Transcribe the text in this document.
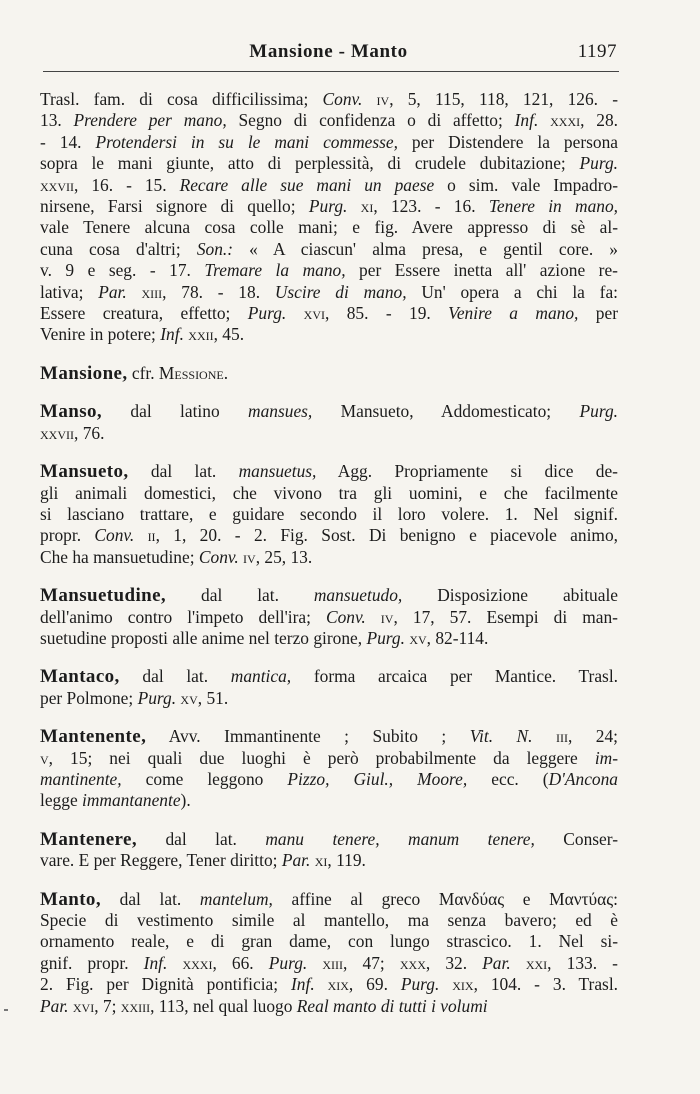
Mansione - Manto	1197

Trasl. fam. di cosa difficilissima; Conv. iv, 5, 115, 118, 121, 126. -
13. Prendere per mano, Segno di confidenza o di affetto; Inf. xxxi, 28.
- 14. Protendersi in su le mani commesse, per Distendere la persona
sopra le mani giunte, atto di perplessità, di crudele dubitazione; Purg.
xxvii, 16. - 15. Recare alle sue mani un paese o sim. vale Impadro-
nirsene, Farsi signore di quello; Purg. xi, 123. - 16. Tenere in mano,
vale Tenere alcuna cosa colle mani; e fig. Avere appresso di sè al-
cuna cosa d'altri; Son.: « A ciascun' alma presa, e gentil core. »
v. 9 e seg. - 17. Tremare la mano, per Essere inetta all' azione re-
lativa; Par. xiii, 78. - 18. Uscire di mano, Un' opera a chi la fa:
Essere creatura, effetto; Purg. xvi, 85. - 19. Venire a mano, per
Venire in potere; Inf. xxii, 45.

Mansione, cfr. Messione.

Manso, dal latino mansues, Mansueto, Addomesticato; Purg.
xxvii, 76.

Mansueto, dal lat. mansuetus, Agg. Propriamente si dice de-
gli animali domestici, che vivono tra gli uomini, e che facilmente
si lasciano trattare, e guidare secondo il loro volere. 1. Nel signif.
propr. Conv. ii, 1, 20. - 2. Fig. Sost. Di benigno e piacevole animo,
Che ha mansuetudine; Conv. iv, 25, 13.

Mansuetudine, dal lat. mansuetudo, Disposizione abituale
dell'animo contro l'impeto dell'ira; Conv. iv, 17, 57. Esempi di man-
suetudine proposti alle anime nel terzo girone, Purg. xv, 82-114.

Mantaco, dal lat. mantica, forma arcaica per Mantice. Trasl.
per Polmone; Purg. xv, 51.

Mantenente, Avv. Immantinente ; Subito ; Vit. N. iii, 24;
v, 15; nei quali due luoghi è però probabilmente da leggere im-
mantinente, come leggono Pizzo, Giul., Moore, ecc. (D'Ancona
legge immantanente).

Mantenere, dal lat. manu tenere, manum tenere, Conser-
vare. E per Reggere, Tener diritto; Par. xi, 119.

Manto, dal lat. mantelum, affine al greco Μανδύας e Μαντύας:
Specie di vestimento simile al mantello, ma senza bavero; ed è
ornamento reale, e di gran dame, con lungo strascico. 1. Nel si-
gnif. propr. Inf. xxxi, 66. Purg. xiii, 47; xxx, 32. Par. xxi, 133. -
2. Fig. per Dignità pontificia; Inf. xix, 69. Purg. xix, 104. - 3. Trasl.
Par. xvi, 7; xxiii, 113, nel qual luogo Real manto di tutti i volumi
